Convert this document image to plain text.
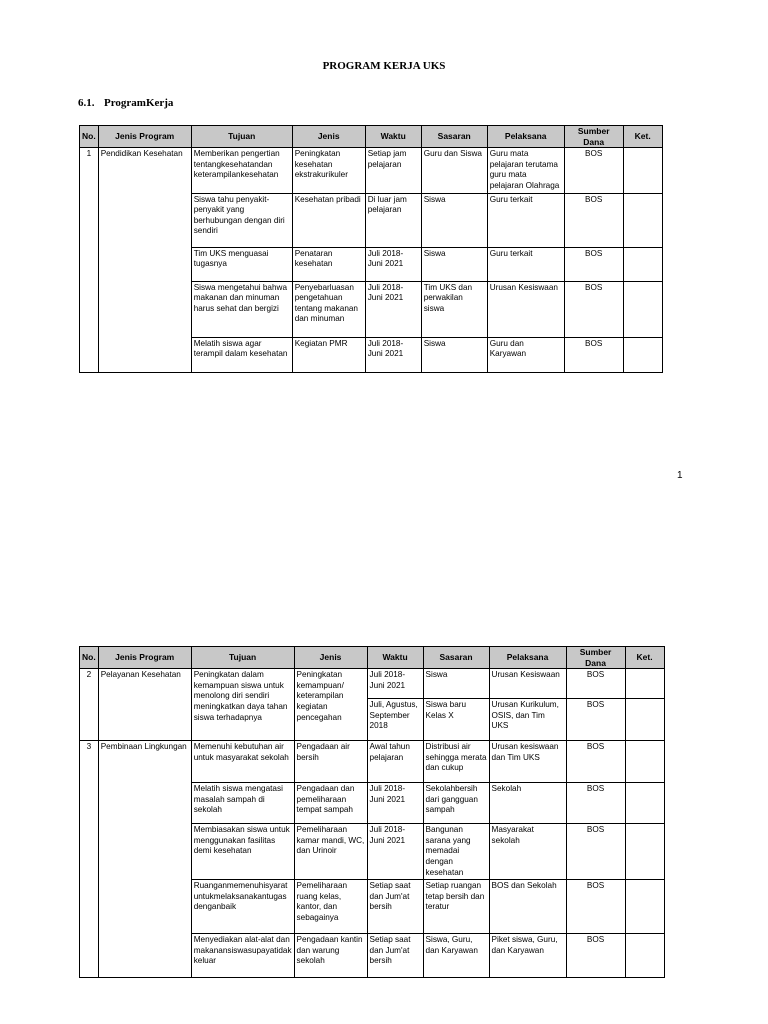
PROGRAM KERJA UKS
6.1. ProgramKerja
No.	Jenis Program	Tujuan	Jenis	Waktu	Sasaran	Pelaksana	Sumber Dana	Ket.
1	Pendidikan Kesehatan	Memberikan pengertian tentangkesehatandan keterampilankesehatan	Peningkatan kesehatan ekstrakurikuler	Setiap jam pelajaran	Guru dan Siswa	Guru mata pelajaran terutama guru mata pelajaran Olahraga	BOS	
		Siswa tahu penyakit-penyakit yang berhubungan dengan diri sendiri	Kesehatan pribadi	Di luar jam pelajaran	Siswa	Guru terkait	BOS	
		Tim UKS menguasai tugasnya	Penataran kesehatan	Juli 2018- Juni 2021	Siswa	Guru terkait	BOS	
		Siswa mengetahui bahwa makanan dan minuman harus sehat dan bergizi	Penyebarluasan pengetahuan tentang makanan dan minuman	Juli 2018- Juni 2021	Tim UKS dan perwakilan siswa	Urusan Kesiswaan	BOS	
		Melatih siswa agar terampil dalam kesehatan	Kegiatan PMR	Juli 2018- Juni 2021	Siswa	Guru dan Karyawan	BOS	
1
No.	Jenis Program	Tujuan	Jenis	Waktu	Sasaran	Pelaksana	Sumber Dana	Ket.
2	Pelayanan Kesehatan	Peningkatan dalam kemampuan siswa untuk menolong diri sendiri meningkatkan daya tahan siswa terhadapnya	Peningkatan kemampuan/ keterampilan kegiatan pencegahan	Juli 2018- Juni 2021	Siswa	Urusan Kesiswaan	BOS	
				Juli, Agustus, September 2018	Siswa baru Kelas X	Urusan Kurikulum, OSIS, dan Tim UKS	BOS	
3	Pembinaan Lingkungan	Memenuhi kebutuhan air untuk masyarakat sekolah	Pengadaan air bersih	Awal tahun pelajaran	Distribusi air sehingga merata dan cukup	Urusan kesiswaan dan Tim UKS	BOS	
		Melatih siswa mengatasi masalah sampah di sekolah	Pengadaan dan pemeliharaan tempat sampah	Juli 2018- Juni 2021	Sekolahbersih dari gangguan sampah	Sekolah	BOS	
		Membiasakan siswa untuk menggunakan fasilitas demi kesehatan	Pemeliharaan kamar mandi, WC, dan Urinoir	Juli 2018- Juni 2021	Bangunan sarana yang memadai dengan kesehatan	Masyarakat sekolah	BOS	
		Ruanganmemenuhisyarat untukmelaksanakantugas denganbaik	Pemeliharaan ruang kelas, kantor, dan sebagainya	Setiap saat dan Jum'at bersih	Setiap ruangan tetap bersih dan teratur	BOS dan Sekolah	BOS	
		Menyediakan alat-alat dan makanansiswasupayatidak keluar	Pengadaan kantin dan warung sekolah	Setiap saat dan Jum'at bersih	Siswa, Guru, dan Karyawan	Piket siswa, Guru, dan Karyawan	BOS	
